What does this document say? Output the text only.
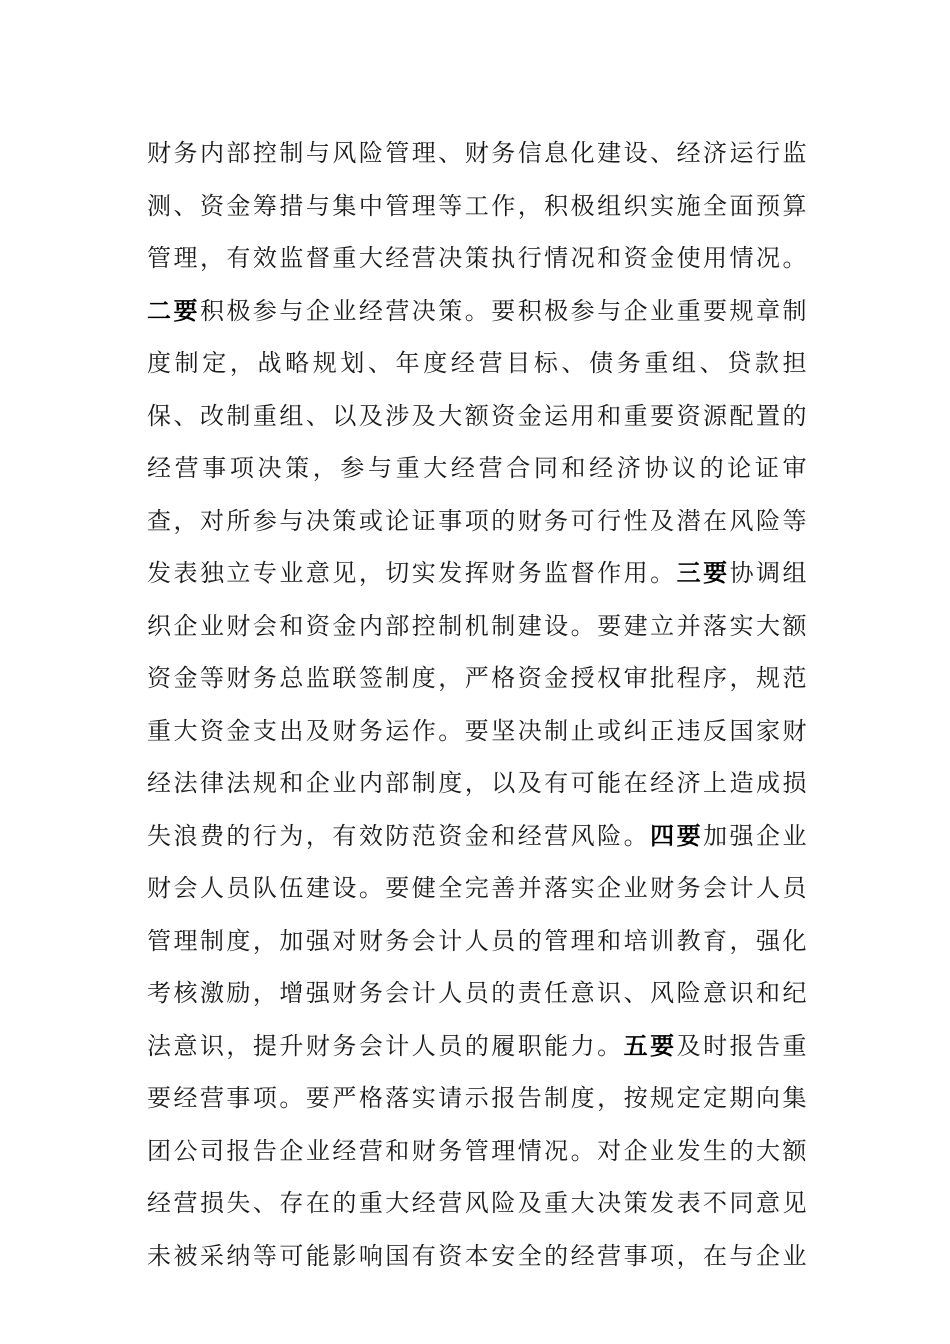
财务内部控制与风险管理、财务信息化建设、经济运行监
测、资金筹措与集中管理等工作，积极组织实施全面预算
管理，有效监督重大经营决策执行情况和资金使用情况。
二要积极参与企业经营决策。要积极参与企业重要规章制
度制定，战略规划、年度经营目标、债务重组、贷款担
保、改制重组、以及涉及大额资金运用和重要资源配置的
经营事项决策，参与重大经营合同和经济协议的论证审
查，对所参与决策或论证事项的财务可行性及潜在风险等
发表独立专业意见，切实发挥财务监督作用。三要协调组
织企业财会和资金内部控制机制建设。要建立并落实大额
资金等财务总监联签制度，严格资金授权审批程序，规范
重大资金支出及财务运作。要坚决制止或纠正违反国家财
经法律法规和企业内部制度，以及有可能在经济上造成损
失浪费的行为，有效防范资金和经营风险。四要加强企业
财会人员队伍建设。要健全完善并落实企业财务会计人员
管理制度，加强对财务会计人员的管理和培训教育，强化
考核激励，增强财务会计人员的责任意识、风险意识和纪
法意识，提升财务会计人员的履职能力。五要及时报告重
要经营事项。要严格落实请示报告制度，按规定定期向集
团公司报告企业经营和财务管理情况。对企业发生的大额
经营损失、存在的重大经营风险及重大决策发表不同意见
未被采纳等可能影响国有资本安全的经营事项，在与企业
